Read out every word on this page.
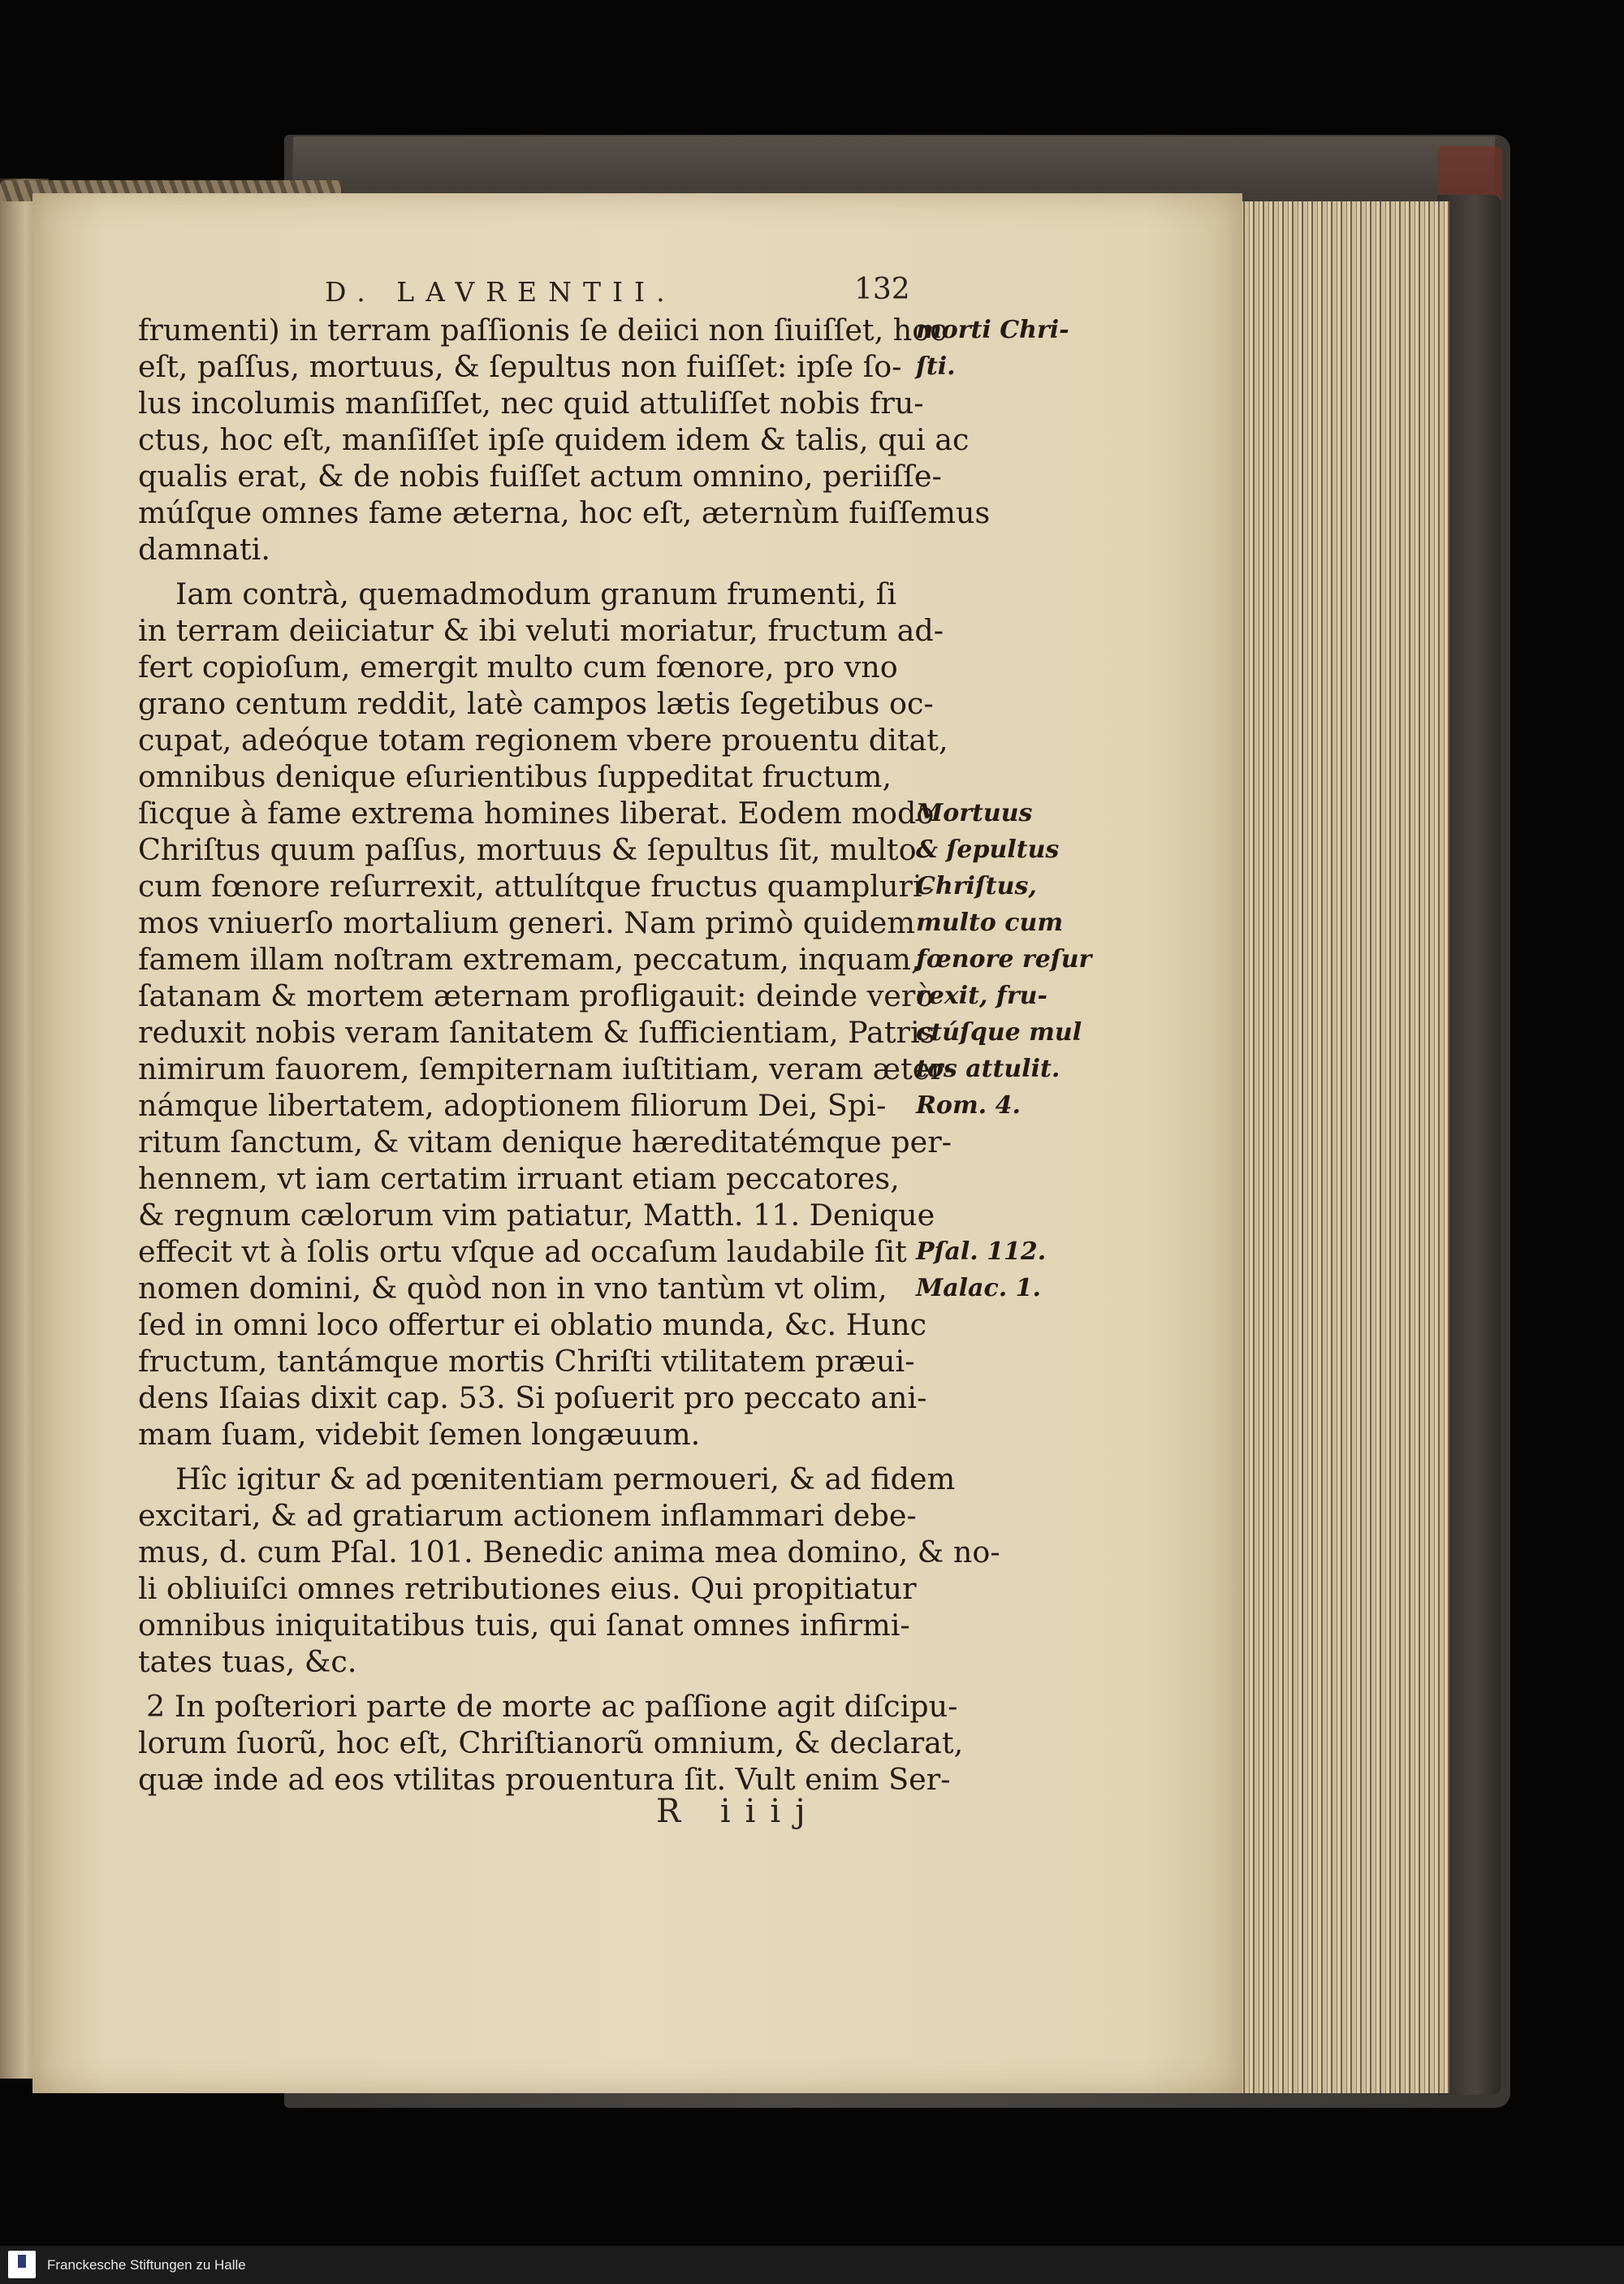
D. LAVRENTII.	132
frumenti) in terram paſſionis ſe deiici non ſiuiſſet, hoc
eſt, paſſus, mortuus, & ſepultus non fuiſſet: ipſe ſo-
lus incolumis manſiſſet, nec quid attuliſſet nobis fru-
ctus, hoc eſt, manſiſſet ipſe quidem idem & talis, qui ac
qualis erat, & de nobis fuiſſet actum omnino, periiſſe-
múſque omnes fame æterna, hoc eſt, æternùm fuiſſemus
damnati.
Iam contrà, quemadmodum granum frumenti, ſi
in terram deiiciatur & ibi veluti moriatur, fructum ad-
fert copioſum, emergit multo cum fœnore, pro vno
grano centum reddit, latè campos lætis ſegetibus oc-
cupat, adeóque totam regionem vbere prouentu ditat,
omnibus denique eſurientibus ſuppeditat fructum,
ſicque à fame extrema homines liberat. Eodem modo
Chriſtus quum paſſus, mortuus & ſepultus ſit, multo
cum fœnore reſurrexit, attulítque fructus quampluri-
mos vniuerſo mortalium generi. Nam primò quidem
famem illam noſtram extremam, peccatum, inquam,
ſatanam & mortem æternam profligauit: deinde verò
reduxit nobis veram ſanitatem & ſufficientiam, Patris
nimirum fauorem, ſempiternam iuſtitiam, veram æter-
námque libertatem, adoptionem filiorum Dei, Spi-
ritum ſanctum, & vitam denique hæreditatémque per-
hennem, vt iam certatim irruant etiam peccatores,
& regnum cælorum vim patiatur, Matth. 11. Denique
effecit vt à ſolis ortu vſque ad occaſum laudabile ſit
nomen domini, & quòd non in vno tantùm vt olim,
ſed in omni loco offertur ei oblatio munda, &c. Hunc
fructum, tantámque mortis Chriſti vtilitatem præui-
dens Iſaias dixit cap. 53. Si poſuerit pro peccato ani-
mam ſuam, videbit ſemen longæuum.
Hîc igitur & ad pœnitentiam permoueri, & ad fidem
excitari, & ad gratiarum actionem inflammari debe-
mus, d. cum Pſal. 101. Benedic anima mea domino, & no-
li obliuiſci omnes retributiones eius. Qui propitiatur
omnibus iniquitatibus tuis, qui ſanat omnes infirmi-
tates tuas, &c.
2 In poſteriori parte de morte ac paſſione agit diſcipu-
lorum ſuorũ, hoc eſt, Chriſtianorũ omnium, & declarat,
quæ inde ad eos vtilitas prouentura ſit. Vult enim Ser-
morti Chri-
ſti.
Mortuus
& ſepultus
Chriſtus,
multo cum
fœnore reſur
rexit, fru-
ctúſque mul
tos attulit.
Rom. 4.
Pſal. 112.
Malac. 1.
R iiij
Franckesche Stiftungen zu Halle
